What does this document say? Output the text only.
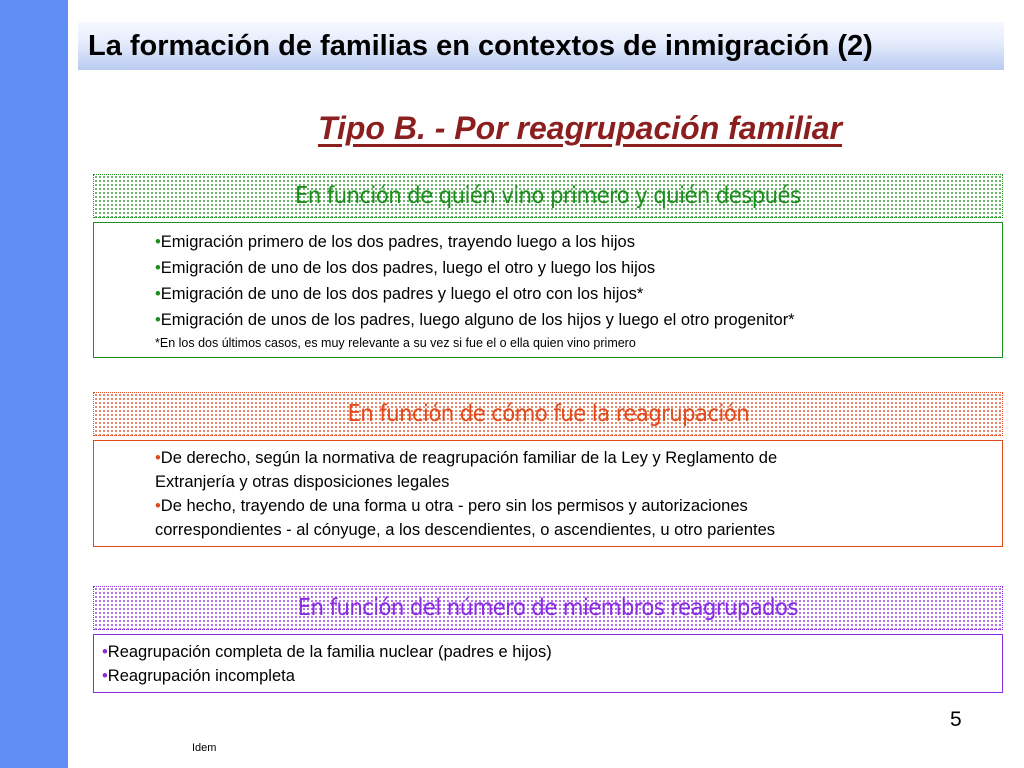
La formación de familias en contextos de inmigración (2)
Tipo B. - Por reagrupación familiar
En función de quién vino primero y quién después
•Emigración primero de los dos padres, trayendo luego a los hijos
•Emigración de uno de los dos padres, luego el otro y luego los hijos
•Emigración de uno de los dos padres y luego el otro con los hijos*
•Emigración de unos de los padres, luego alguno de los hijos y luego el otro progenitor*
*En los dos últimos casos, es muy relevante a su vez si fue el o ella quien vino primero
En función de cómo fue la reagrupación
•De derecho, según la normativa de reagrupación familiar de la Ley y Reglamento de
Extranjería y otras disposiciones legales
•De hecho, trayendo de una forma u otra - pero sin los permisos y autorizaciones
correspondientes - al cónyuge, a los descendientes, o ascendientes, u otro parientes
En función del número de miembros reagrupados
•Reagrupación completa de la familia nuclear (padres e hijos)
•Reagrupación incompleta
5
Idem
